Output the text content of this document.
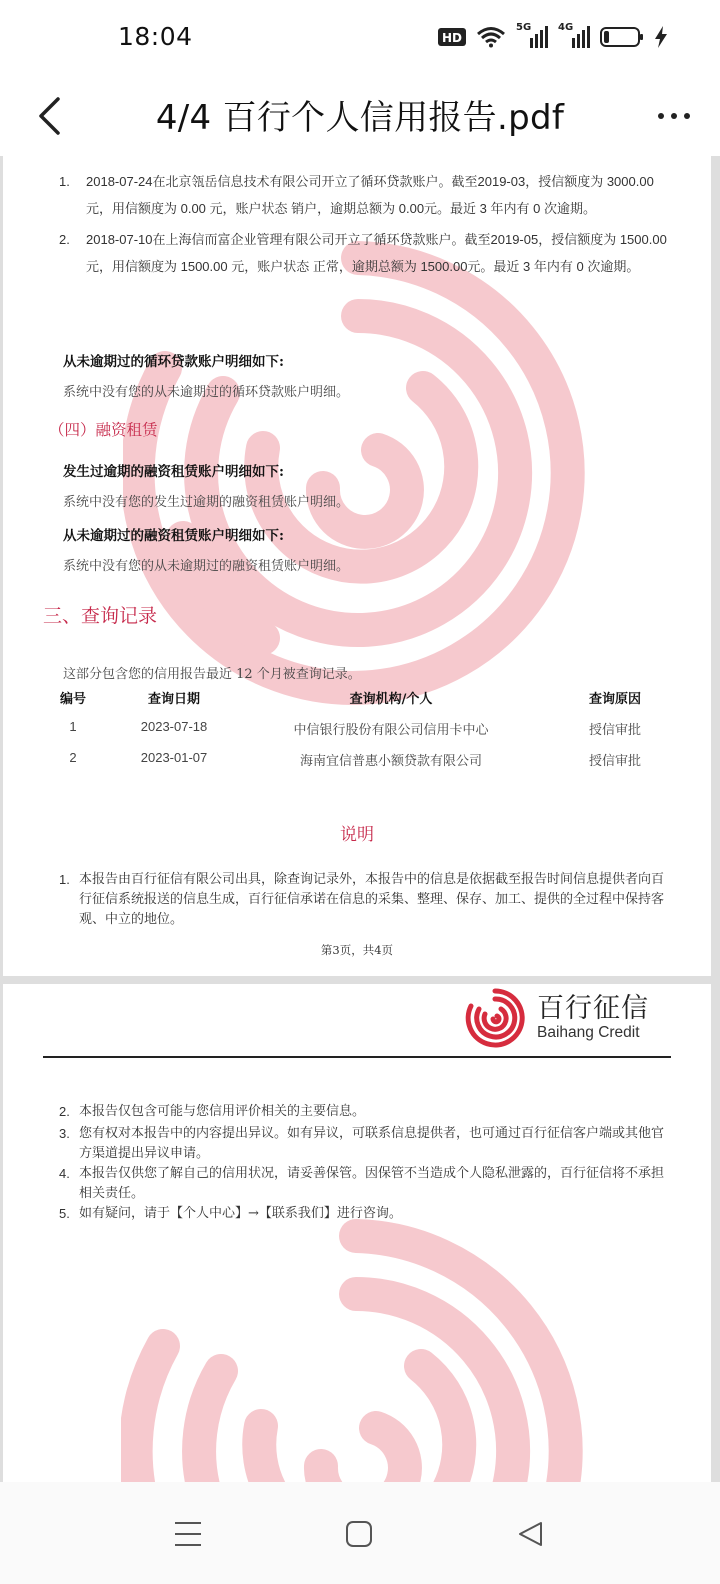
18:04	HD
5G	4G
4/4 百行个人信用报告.pdf
1.	2018-07-24在北京瓴岳信息技术有限公司开立了循环贷款账户。截至2019-03，授信额度为 3000.00 元，用信额度为 0.00 元，账户状态 销户，逾期总额为 0.00元。最近 3 年内有 0 次逾期。
2.	2018-07-10在上海信而富企业管理有限公司开立了循环贷款账户。截至2019-05，授信额度为 1500.00 元，用信额度为 1500.00 元，账户状态 正常，逾期总额为 1500.00元。最近 3 年内有 0 次逾期。
从未逾期过的循环贷款账户明细如下:
系统中没有您的从未逾期过的循环贷款账户明细。
（四）融资租赁
发生过逾期的融资租赁账户明细如下:
系统中没有您的发生过逾期的融资租赁账户明细。
从未逾期过的融资租赁账户明细如下:
系统中没有您的从未逾期过的融资租赁账户明细。
三、查询记录
这部分包含您的信用报告最近 12 个月被查询记录。
编号	查询日期	查询机构/个人	查询原因
1	2023-07-18	中信银行股份有限公司信用卡中心	授信审批
2	2023-01-07	海南宜信普惠小额贷款有限公司	授信审批
说明
1. 本报告由百行征信有限公司出具，除查询记录外，本报告中的信息是依据截至报告时间信息提供者向百行征信系统报送的信息生成，百行征信承诺在信息的采集、整理、保存、加工、提供的全过程中保持客观、中立的地位。
第3页，共4页
百行征信
Baihang Credit
2. 本报告仅包含可能与您信用评价相关的主要信息。
3. 您有权对本报告中的内容提出异议。如有异议，可联系信息提供者，也可通过百行征信客户端或其他官方渠道提出异议申请。
4. 本报告仅供您了解自己的信用状况，请妥善保管。因保管不当造成个人隐私泄露的，百行征信将不承担相关责任。
5. 如有疑问，请于【个人中心】→【联系我们】进行咨询。
